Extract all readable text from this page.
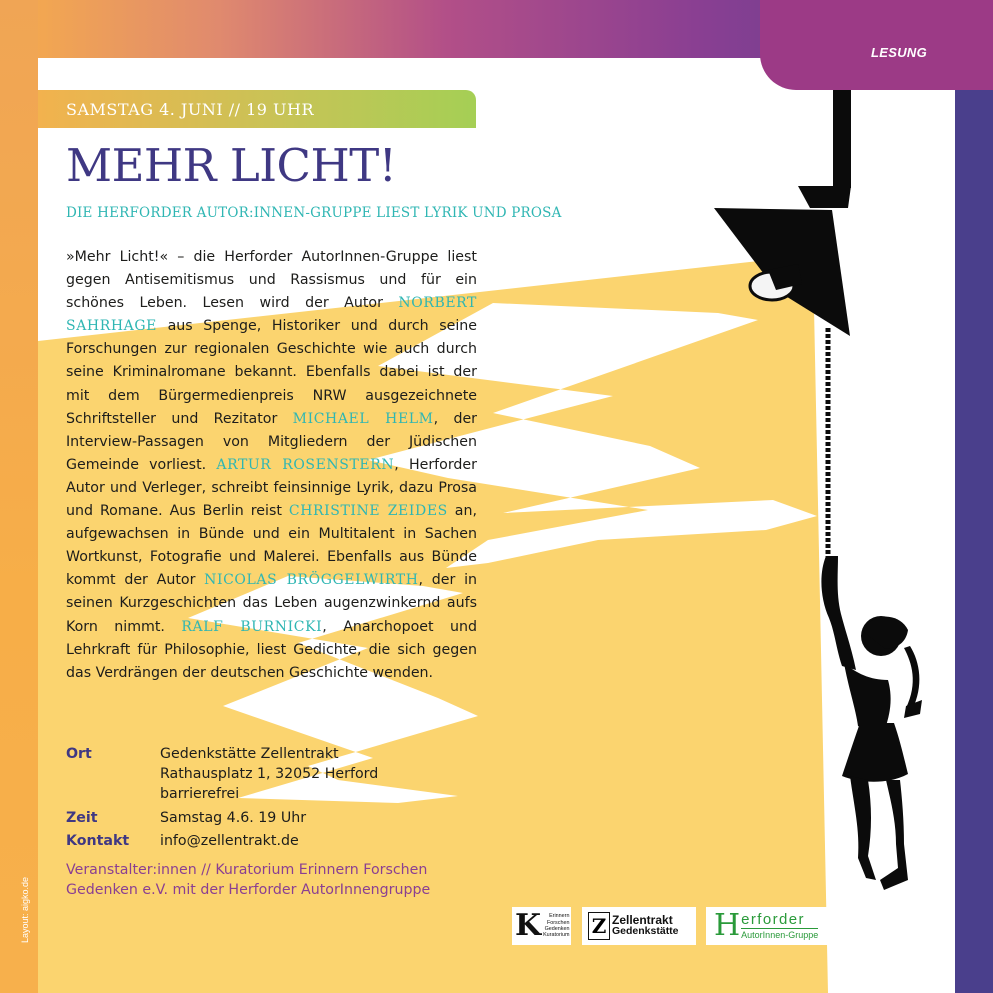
LESUNG
Layout: aigko.de
SAMSTAG 4. JUNI // 19 UHR
MEHR LICHT!
DIE HERFORDER AUTOR:INNEN-GRUPPE LIEST LYRIK UND PROSA

»Mehr Licht!« – die Herforder AutorInnen-Gruppe liest gegen Antisemitismus und Rassismus und für ein schönes Leben. Lesen wird der Autor NORBERT SAHRHAGE aus Spenge, Historiker und durch seine Forschungen zur regionalen Geschichte wie auch durch seine Kriminalromane bekannt. Ebenfalls dabei ist der mit dem Bürgermedienpreis NRW ausgezeichnete Schriftsteller und Rezitator MICHAEL HELM, der Interview-Passagen von Mitgliedern der Jüdischen Gemeinde vorliest. ARTUR ROSENSTERN, Herforder Autor und Verleger, schreibt feinsinnige Lyrik, dazu Prosa und Romane. Aus Berlin reist CHRISTINE ZEIDES an, aufgewachsen in Bünde und ein Multitalent in Sachen Wortkunst, Fotografie und Malerei. Ebenfalls aus Bünde kommt der Autor NICOLAS BRÖGGELWIRTH, der in seinen Kurzgeschichten das Leben augenzwinkernd aufs Korn nimmt. RALF BURNICKI, Anarchopoet und Lehrkraft für Philosophie, liest Gedichte, die sich gegen das Verdrängen der deutschen Geschichte wenden.

Ort	Gedenkstätte Zellentrakt
Rathausplatz 1, 32052 Herford
barrierefrei
Zeit	Samstag 4.6. 19 Uhr
Kontakt info@zellentrakt.de
Veranstalter:innen // Kuratorium Erinnern Forschen Gedenken e.V. mit der Herforder AutorInnengruppe
K	Erinnern
Forschen
Gedenken
Kuratorium Z Zellentrakt
Gedenkstätte H erforder
AutorInnen-Gruppe
